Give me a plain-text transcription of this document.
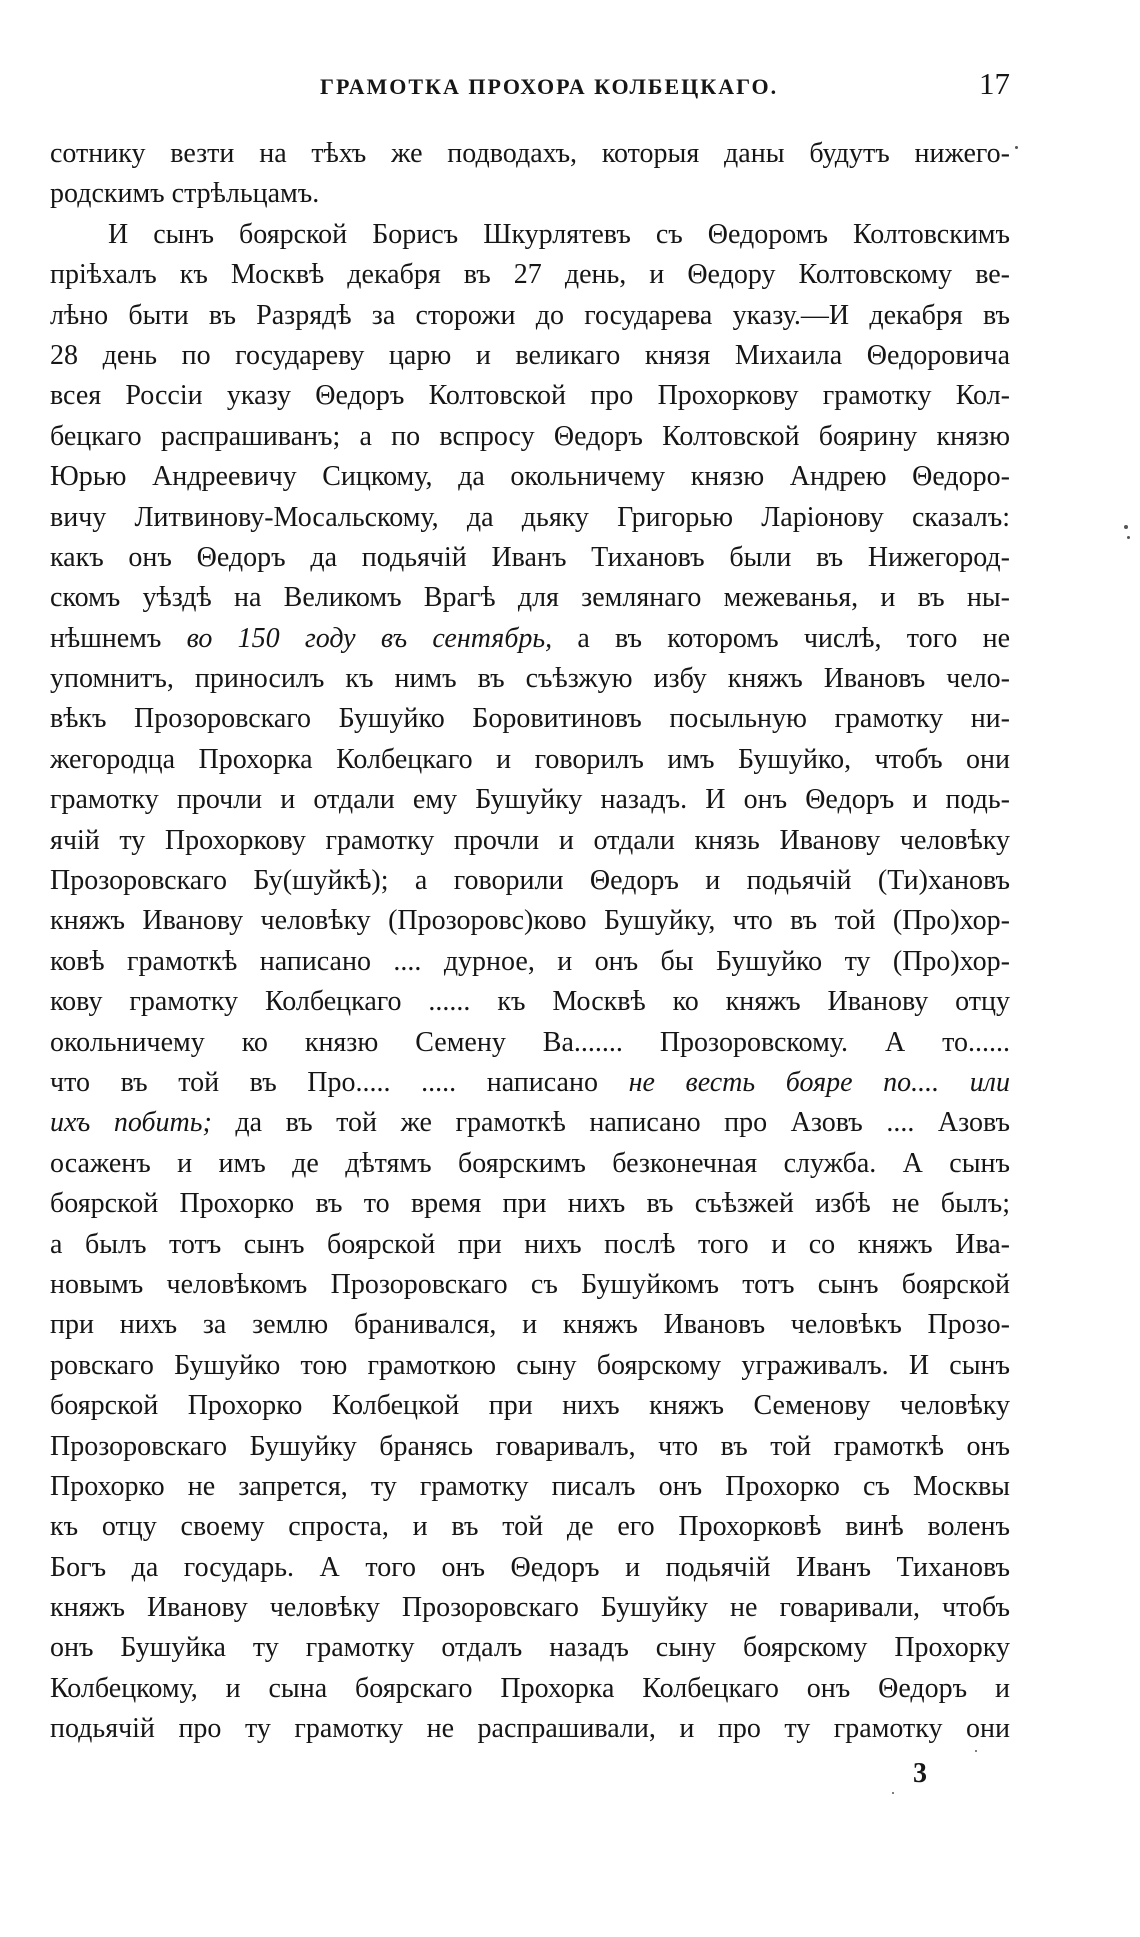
ГРАМОТКА ПРОХОРА КОЛБЕЦКАГО.	17
сотнику везти на тѣхъ же подводахъ, которыя даны будутъ нижего-
родскимъ стрѣльцамъ.
И сынъ боярской Борисъ Шкурлятевъ съ Θедоромъ Колтовскимъ
пріѣхалъ къ Москвѣ декабря въ 27 день, и Θедору Колтовскому ве-
лѣно быти въ Разрядѣ за сторожи до государева указу.—И декабря въ
28 день по государеву царю и великаго князя Михаила Θедоровича
всея Россіи указу Θедоръ Колтовской про Прохоркову грамотку Кол-
бецкаго распрашиванъ; а по вспросу Θедоръ Колтовской боярину князю
Юрью Андреевичу Сицкому, да окольничему князю Андрею Θедоро-
вичу Литвинову-Мосальскому, да дьяку Григорью Ларіонову сказалъ:
какъ онъ Θедоръ да подьячій Иванъ Тихановъ были въ Нижегород-
скомъ уѣздѣ на Великомъ Врагѣ для землянаго межеванья, и въ ны-
нѣшнемъ во 150 году въ сентябрь, а въ которомъ числѣ, того не
упомнитъ, приносилъ къ нимъ въ съѣзжую избу княжъ Ивановъ чело-
вѣкъ Прозоровскаго Бушуйко Боровитиновъ посыльную грамотку ни-
жегородца Прохорка Колбецкаго и говорилъ имъ Бушуйко, чтобъ они
грамотку прочли и отдали ему Бушуйку назадъ. И онъ Θедоръ и подь-
ячій ту Прохоркову грамотку прочли и отдали князь Иванову человѣку
Прозоровскаго Бу(шуйкѣ); а говорили Θедоръ и подьячій (Ти)хановъ
княжъ Иванову человѣку (Прозоровс)ково Бушуйку, что въ той (Про)хор-
ковѣ грамоткѣ написано .... дурное, и онъ бы Бушуйко ту (Про)хор-
кову грамотку Колбецкаго ...... къ Москвѣ ко княжъ Иванову отцу
окольничему ко князю Семену Ва....... Прозоровскому. А то......
что въ той въ Про..... ..... написано не весть бояре по.... или
ихъ побить; да въ той же грамоткѣ написано про Азовъ .... Азовъ
осаженъ и имъ де дѣтямъ боярскимъ безконечная служба. А сынъ
боярской Прохорко въ то время при нихъ въ съѣзжей избѣ не былъ;
а былъ тотъ сынъ боярской при нихъ послѣ того и со княжъ Ива-
новымъ человѣкомъ Прозоровскаго съ Бушуйкомъ тотъ сынъ боярской
при нихъ за землю бранивался, и княжъ Ивановъ человѣкъ Прозо-
ровскаго Бушуйко тою грамоткою сыну боярскому уграживалъ. И сынъ
боярской Прохорко Колбецкой при нихъ княжъ Семенову человѣку
Прозоровскаго Бушуйку бранясь говаривалъ, что въ той грамоткѣ онъ
Прохорко не запрется, ту грамотку писалъ онъ Прохорко съ Москвы
къ отцу своему спроста, и въ той де его Прохорковѣ винѣ воленъ
Богъ да государь. А того онъ Θедоръ и подьячій Иванъ Тихановъ
княжъ Иванову человѣку Прозоровскаго Бушуйку не говаривали, чтобъ
онъ Бушуйка ту грамотку отдалъ назадъ сыну боярскому Прохорку
Колбецкому, и сына боярскаго Прохорка Колбецкаго онъ Θедоръ и
подьячій про ту грамотку не распрашивали, и про ту грамотку они
3
